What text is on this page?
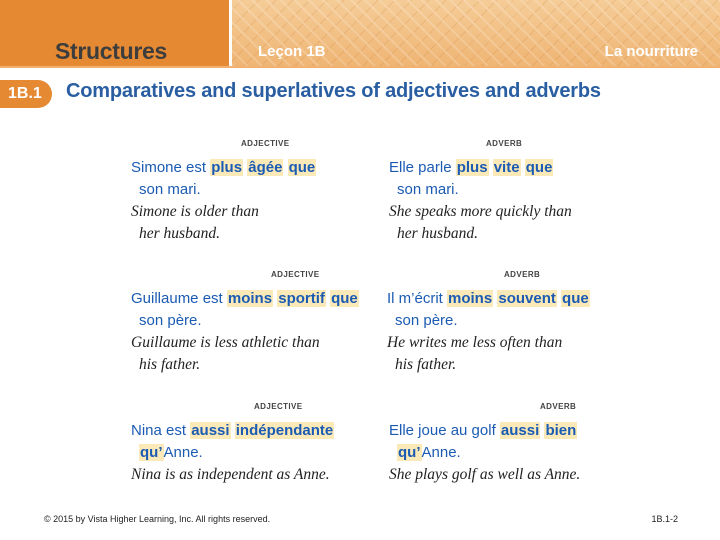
Structures	Leçon 1B	La nourriture
1B.1	Comparatives and superlatives of adjectives and adverbs
ADJECTIVE
Simone est plus âgée que
son mari.
Simone is older than
her husband.
ADVERB
Elle parle plus vite que
son mari.
She speaks more quickly than
her husband.
ADJECTIVE
Guillaume est moins sportif que
son père.
Guillaume is less athletic than
his father.
ADVERB
Il m’écrit moins souvent que
son père.
He writes me less often than
his father.
ADJECTIVE
Nina est aussi indépendante
qu’Anne.
Nina is as independent as Anne.
ADVERB
Elle joue au golf aussi bien
qu’Anne.
She plays golf as well as Anne.
© 2015 by Vista Higher Learning, Inc. All rights reserved.	1B.1-2
